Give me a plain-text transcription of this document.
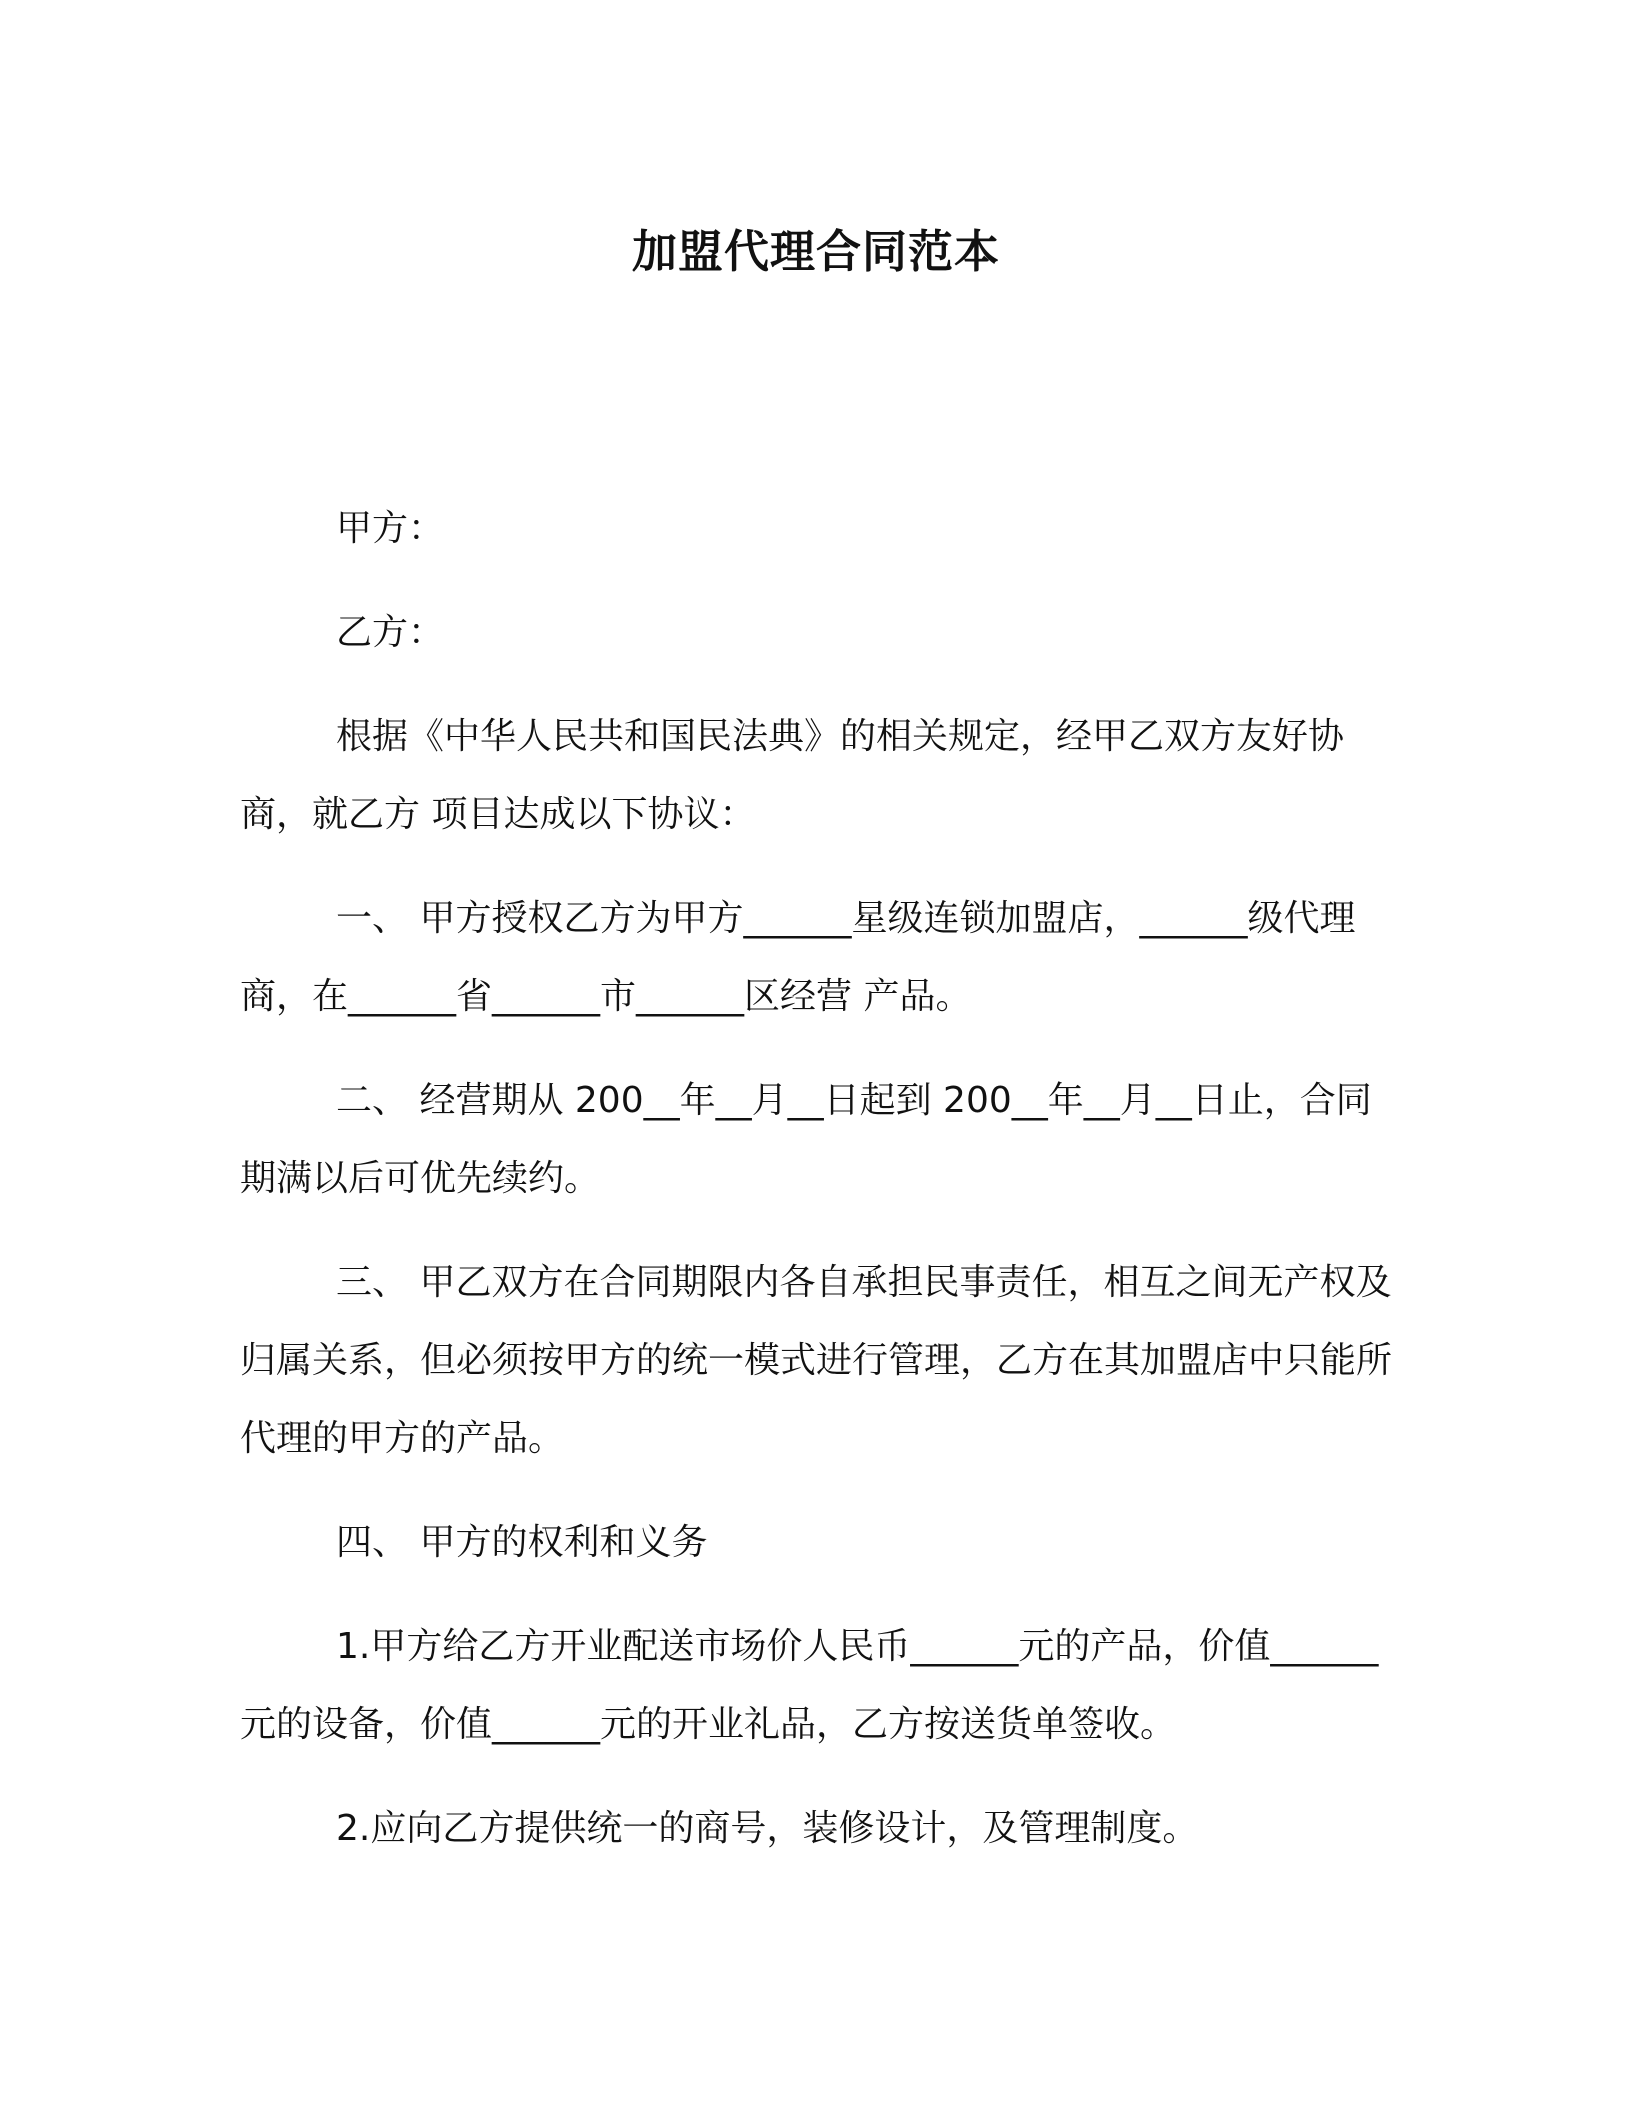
加盟代理合同范本

甲方：

乙方：

根据《中华人民共和国民法典》的相关规定，经甲乙双方友好协商，就乙方 项目达成以下协议：

一、 甲方授权乙方为甲方______星级连锁加盟店，______级代理商，在______省______市______区经营 产品。

二、 经营期从 200__年__月__日起到 200__年__月__日止，合同期满以后可优先续约。

三、 甲乙双方在合同期限内各自承担民事责任，相互之间无产权及归属关系，但必须按甲方的统一模式进行管理，乙方在其加盟店中只能所代理的甲方的产品。

四、 甲方的权利和义务

1.甲方给乙方开业配送市场价人民币______元的产品，价值______元的设备，价值______元的开业礼品，乙方按送货单签收。

2.应向乙方提供统一的商号，装修设计，及管理制度。
